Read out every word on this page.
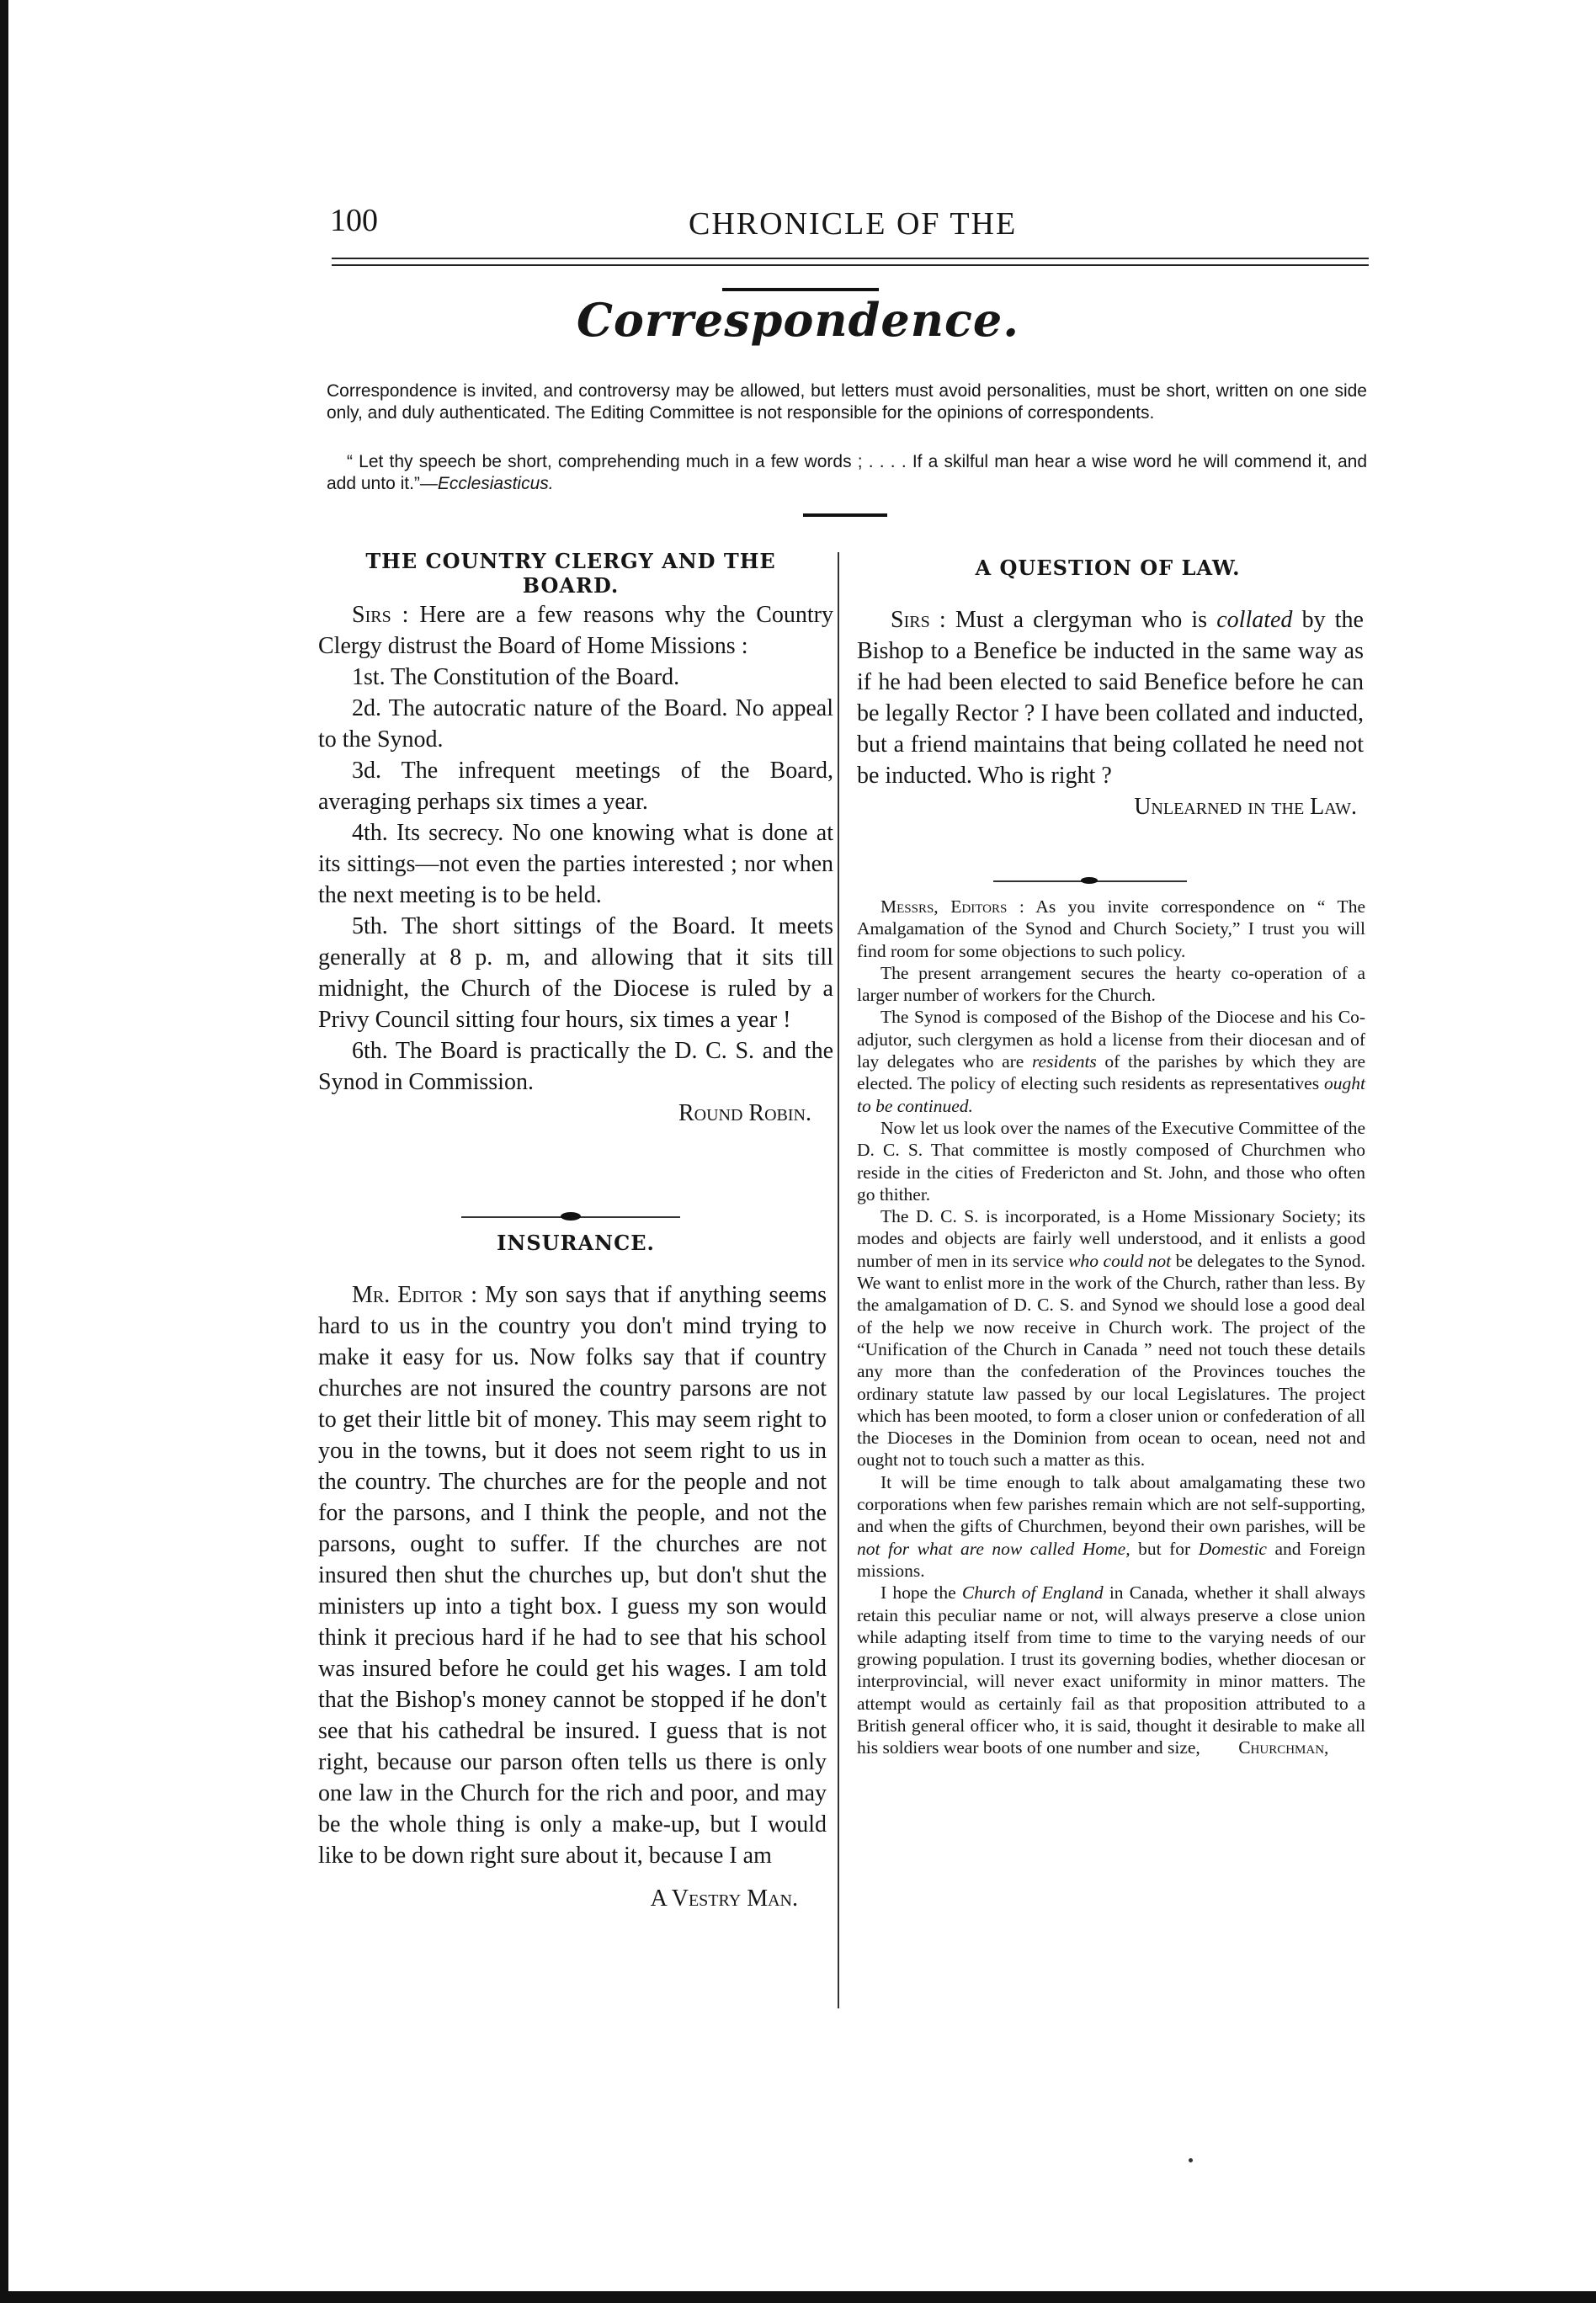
100	CHRONICLE OF THE
Correspondence.
Correspondence is invited, and controversy may be allowed, but letters must avoid personalities, must be short, written on one side only, and duly authenticated. The Editing Committee is not responsible for the opinions of correspondents.
“ Let thy speech be short, comprehending much in a few words ; . . . . If a skilful man hear a wise word he will commend it, and add unto it.”—Ecclesiasticus.
THE COUNTRY CLERGY AND THE BOARD.

Sirs : Here are a few reasons why the Country Clergy distrust the Board of Home Missions :

1st. The Constitution of the Board.

2d. The autocratic nature of the Board. No appeal to the Synod.

3d. The infrequent meetings of the Board, averaging perhaps six times a year.

4th. Its secrecy. No one knowing what is done at its sittings—not even the parties interested ; nor when the next meeting is to be held.

5th. The short sittings of the Board. It meets generally at 8 p. m, and allowing that it sits till midnight, the Church of the Diocese is ruled by a Privy Council sitting four hours, six times a year !

6th. The Board is practically the D. C. S. and the Synod in Commission.

Round Robin.

INSURANCE.

Mr. Editor : My son says that if anything seems hard to us in the country you don't mind trying to make it easy for us. Now folks say that if country churches are not insured the country parsons are not to get their little bit of money. This may seem right to you in the towns, but it does not seem right to us in the country. The churches are for the people and not for the parsons, and I think the people, and not the parsons, ought to suffer. If the churches are not insured then shut the churches up, but don't shut the ministers up into a tight box. I guess my son would think it precious hard if he had to see that his school was insured before he could get his wages. I am told that the Bishop's money cannot be stopped if he don't see that his cathedral be insured. I guess that is not right, because our parson often tells us there is only one law in the Church for the rich and poor, and may be the whole thing is only a make-up, but I would like to be down right sure about it, because I am

A Vestry Man.

A QUESTION OF LAW.

Sirs : Must a clergyman who is collated by the Bishop to a Benefice be inducted in the same way as if he had been elected to said Benefice before he can be legally Rector ? I have been collated and inducted, but a friend maintains that being collated he need not be inducted. Who is right ?

Unlearned in the Law.

Messrs, Editors : As you invite correspondence on “ The Amalgamation of the Synod and Church Society,” I trust you will find room for some objections to such policy.

The present arrangement secures the hearty co-operation of a larger number of workers for the Church.

The Synod is composed of the Bishop of the Diocese and his Co-adjutor, such clergymen as hold a license from their diocesan and of lay delegates who are residents of the parishes by which they are elected. The policy of electing such residents as representatives ought to be continued.

Now let us look over the names of the Executive Committee of the D. C. S. That committee is mostly composed of Churchmen who reside in the cities of Fredericton and St. John, and those who often go thither.

The D. C. S. is incorporated, is a Home Missionary Society; its modes and objects are fairly well understood, and it enlists a good number of men in its service who could not be delegates to the Synod. We want to enlist more in the work of the Church, rather than less. By the amalgamation of D. C. S. and Synod we should lose a good deal of the help we now receive in Church work. The project of the “Unification of the Church in Canada ” need not touch these details any more than the confederation of the Provinces touches the ordinary statute law passed by our local Legislatures. The project which has been mooted, to form a closer union or confederation of all the Dioceses in the Dominion from ocean to ocean, need not and ought not to touch such a matter as this.

It will be time enough to talk about amalgamating these two corporations when few parishes remain which are not self-supporting, and when the gifts of Churchmen, beyond their own parishes, will be not for what are now called Home, but for Domestic and Foreign missions.

I hope the Church of England in Canada, whether it shall always retain this peculiar name or not, will always preserve a close union while adapting itself from time to time to the varying needs of our growing population. I trust its governing bodies, whether diocesan or interprovincial, will never exact uniformity in minor matters. The attempt would as certainly fail as that proposition attributed to a British general officer who, it is said, thought it desirable to make all his soldiers wear boots of one number and size, Churchman,
